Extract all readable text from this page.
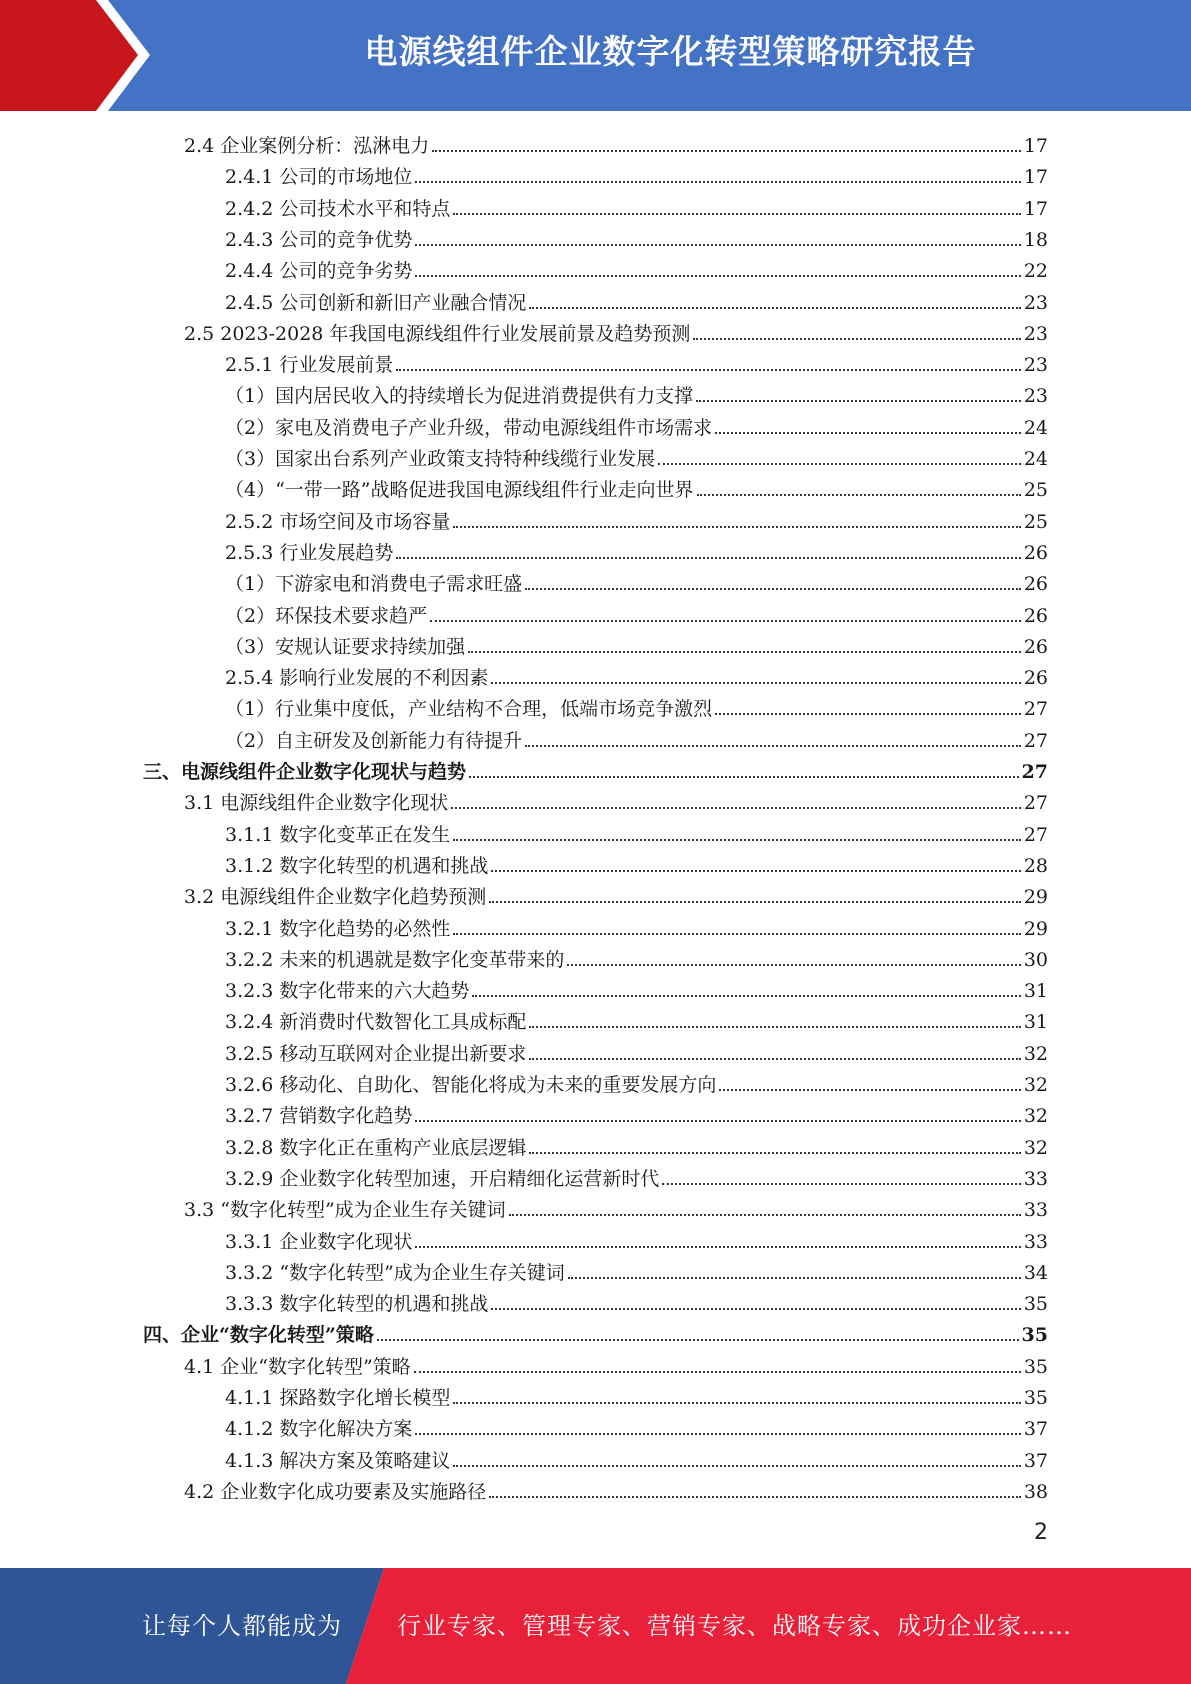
电源线组件企业数字化转型策略研究报告
2.4 企业案例分析：泓淋电力	17
2.4.1 公司的市场地位	17
2.4.2 公司技术水平和特点	17
2.4.3 公司的竞争优势	18
2.4.4 公司的竞争劣势	22
2.4.5 公司创新和新旧产业融合情况	23
2.5 2023-2028 年我国电源线组件行业发展前景及趋势预测	23
2.5.1 行业发展前景	23
（1）国内居民收入的持续增长为促进消费提供有力支撑	23
（2）家电及消费电子产业升级，带动电源线组件市场需求	24
（3）国家出台系列产业政策支持特种线缆行业发展	24
（4）“一带一路”战略促进我国电源线组件行业走向世界	25
2.5.2 市场空间及市场容量	25
2.5.3 行业发展趋势	26
（1）下游家电和消费电子需求旺盛	26
（2）环保技术要求趋严	26
（3）安规认证要求持续加强	26
2.5.4 影响行业发展的不利因素	26
（1）行业集中度低，产业结构不合理，低端市场竞争激烈	27
（2）自主研发及创新能力有待提升	27
三、电源线组件企业数字化现状与趋势	27
3.1 电源线组件企业数字化现状	27
3.1.1 数字化变革正在发生	27
3.1.2 数字化转型的机遇和挑战	28
3.2 电源线组件企业数字化趋势预测	29
3.2.1 数字化趋势的必然性	29
3.2.2 未来的机遇就是数字化变革带来的	30
3.2.3 数字化带来的六大趋势	31
3.2.4 新消费时代数智化工具成标配	31
3.2.5 移动互联网对企业提出新要求	32
3.2.6 移动化、自助化、智能化将成为未来的重要发展方向	32
3.2.7 营销数字化趋势	32
3.2.8 数字化正在重构产业底层逻辑	32
3.2.9 企业数字化转型加速，开启精细化运营新时代	33
3.3 “数字化转型”成为企业生存关键词	33
3.3.1 企业数字化现状	33
3.3.2 “数字化转型”成为企业生存关键词	34
3.3.3 数字化转型的机遇和挑战	35
四、企业“数字化转型”策略	35
4.1 企业“数字化转型”策略	35
4.1.1 探路数字化增长模型	35
4.1.2 数字化解决方案	37
4.1.3 解决方案及策略建议	37
4.2 企业数字化成功要素及实施路径	38
2
让每个人都能成为 行业专家、管理专家、营销专家、战略专家、成功企业家……
